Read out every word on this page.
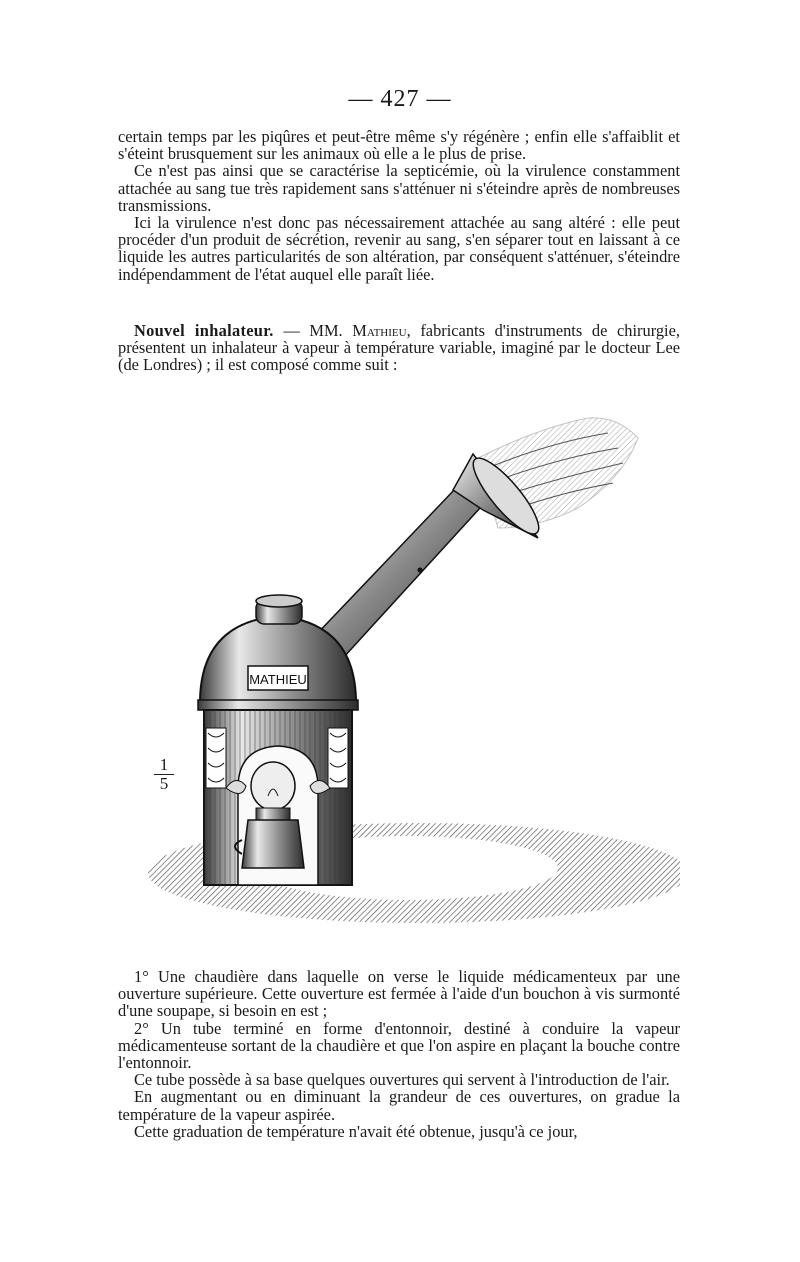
— 427 —

certain temps par les piqûres et peut-être même s'y régénère ; enfin elle s'affaiblit et s'éteint brusquement sur les animaux où elle a le plus de prise.

Ce n'est pas ainsi que se caractérise la septicémie, où la virulence constamment attachée au sang tue très rapidement sans s'atténuer ni s'éteindre après de nombreuses transmissions.

Ici la virulence n'est donc pas nécessairement attachée au sang altéré : elle peut procéder d'un produit de sécrétion, revenir au sang, s'en séparer tout en laissant à ce liquide les autres particularités de son altération, par conséquent s'atténuer, s'éteindre indépendamment de l'état auquel elle paraît liée.

Nouvel inhalateur. — MM. Mathieu, fabricants d'instruments de chirurgie, présentent un inhalateur à vapeur à température variable, imaginé par le docteur Lee (de Londres) ; il est composé comme suit :

MATHIEU
$\frac{1}{5}$

1° Une chaudière dans laquelle on verse le liquide médicamenteux par une ouverture supérieure. Cette ouverture est fermée à l'aide d'un bouchon à vis surmonté d'une soupape, si besoin en est ;

2° Un tube terminé en forme d'entonnoir, destiné à conduire la vapeur médicamenteuse sortant de la chaudière et que l'on aspire en plaçant la bouche contre l'entonnoir.

Ce tube possède à sa base quelques ouvertures qui servent à l'introduction de l'air.

En augmentant ou en diminuant la grandeur de ces ouvertures, on gradue la température de la vapeur aspirée.

Cette graduation de température n'avait été obtenue, jusqu'à ce jour,
